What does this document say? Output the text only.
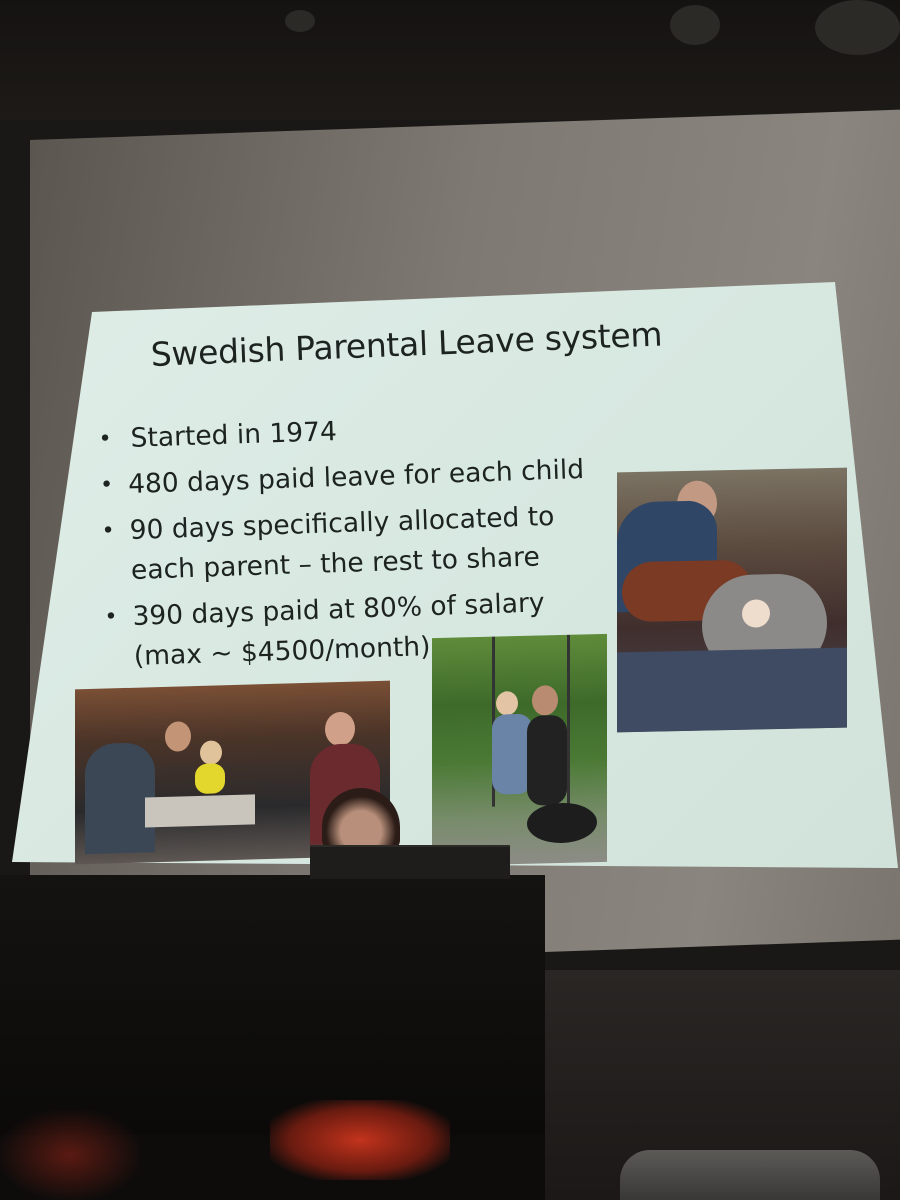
Swedish Parental Leave system
• Started in 1974
• 480 days paid leave for each child
• 90 days specifically allocated to each parent – the rest to share
• 390 days paid at 80% of salary (max ~ $4500/month)
